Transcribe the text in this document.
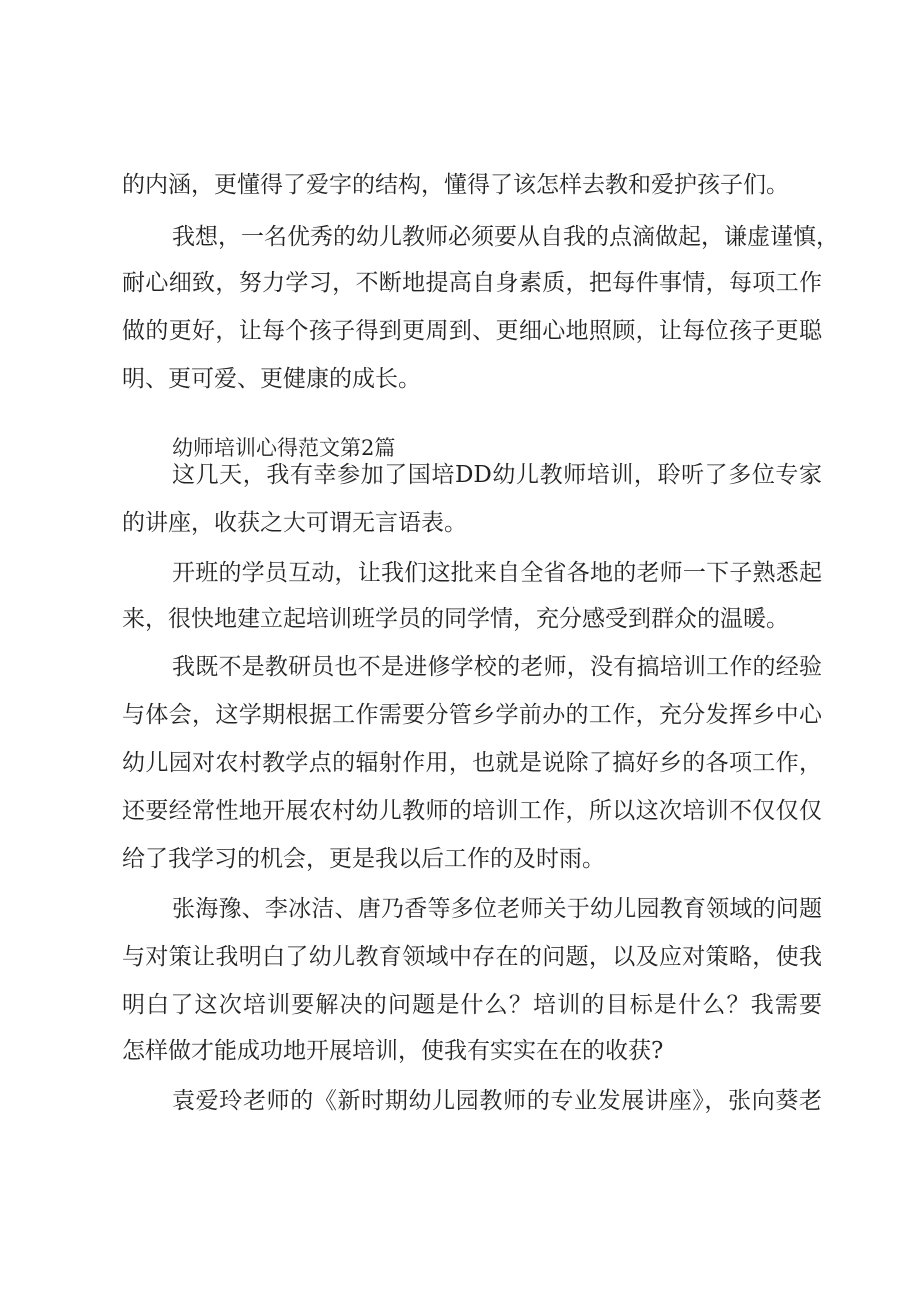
的内涵，更懂得了爱字的结构，懂得了该怎样去教和爱护孩子们。

我想，一名优秀的幼儿教师必须要从自我的点滴做起，谦虚谨慎，

耐心细致，努力学习，不断地提高自身素质，把每件事情，每项工作

做的更好，让每个孩子得到更周到、更细心地照顾，让每位孩子更聪

明、更可爱、更健康的成长。

幼师培训心得范文第2篇

这几天，我有幸参加了国培DD幼儿教师培训，聆听了多位专家

的讲座，收获之大可谓无言语表。

开班的学员互动，让我们这批来自全省各地的老师一下子熟悉起

来，很快地建立起培训班学员的同学情，充分感受到群众的温暖。

我既不是教研员也不是进修学校的老师，没有搞培训工作的经验

与体会，这学期根据工作需要分管乡学前办的工作，充分发挥乡中心

幼儿园对农村教学点的辐射作用，也就是说除了搞好乡的各项工作，

还要经常性地开展农村幼儿教师的培训工作，所以这次培训不仅仅仅

给了我学习的机会，更是我以后工作的及时雨。

张海豫、李冰洁、唐乃香等多位老师关于幼儿园教育领域的问题

与对策让我明白了幼儿教育领域中存在的问题，以及应对策略，使我

明白了这次培训要解决的问题是什么？培训的目标是什么？我需要

怎样做才能成功地开展培训，使我有实实在在的收获?

袁爱玲老师的《新时期幼儿园教师的专业发展讲座》，张向葵老
